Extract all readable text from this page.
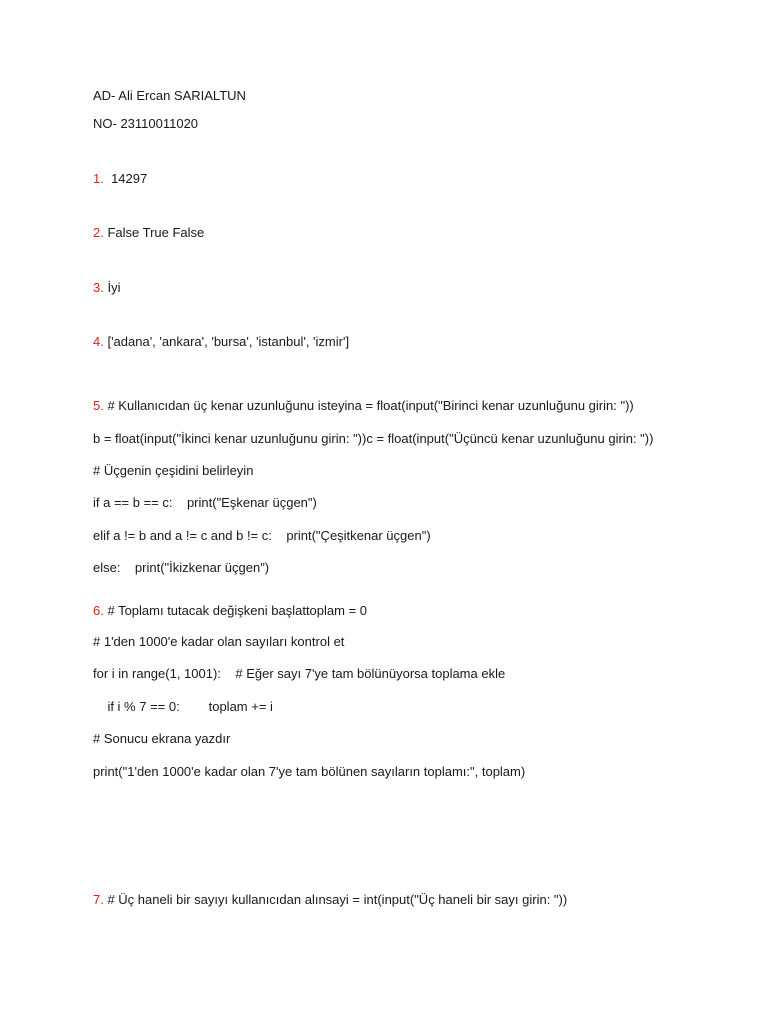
AD- Ali Ercan SARIALTUN
NO- 23110011020
1.  14297
2. False True False
3. İyi
4. ['adana', 'ankara', 'bursa', 'istanbul', 'izmir']
5. # Kullanıcıdan üç kenar uzunluğunu isteyina = float(input("Birinci kenar uzunluğunu girin: "))
b = float(input("İkinci kenar uzunluğunu girin: "))c = float(input("Üçüncü kenar uzunluğunu girin: "))
# Üçgenin çeşidini belirleyin
if a == b == c:    print("Eşkenar üçgen")
elif a != b and a != c and b != c:    print("Çeşitkenar üçgen")
else:    print("İkizkenar üçgen")
6. # Toplamı tutacak değişkeni başlattoplam = 0
# 1'den 1000'e kadar olan sayıları kontrol et
for i in range(1, 1001):    # Eğer sayı 7'ye tam bölünüyorsa toplama ekle
if i % 7 == 0:        toplam += i
# Sonucu ekrana yazdır
print("1'den 1000'e kadar olan 7'ye tam bölünen sayıların toplamı:", toplam)
7. # Üç haneli bir sayıyı kullanıcıdan alınsayi = int(input("Üç haneli bir sayı girin: "))
